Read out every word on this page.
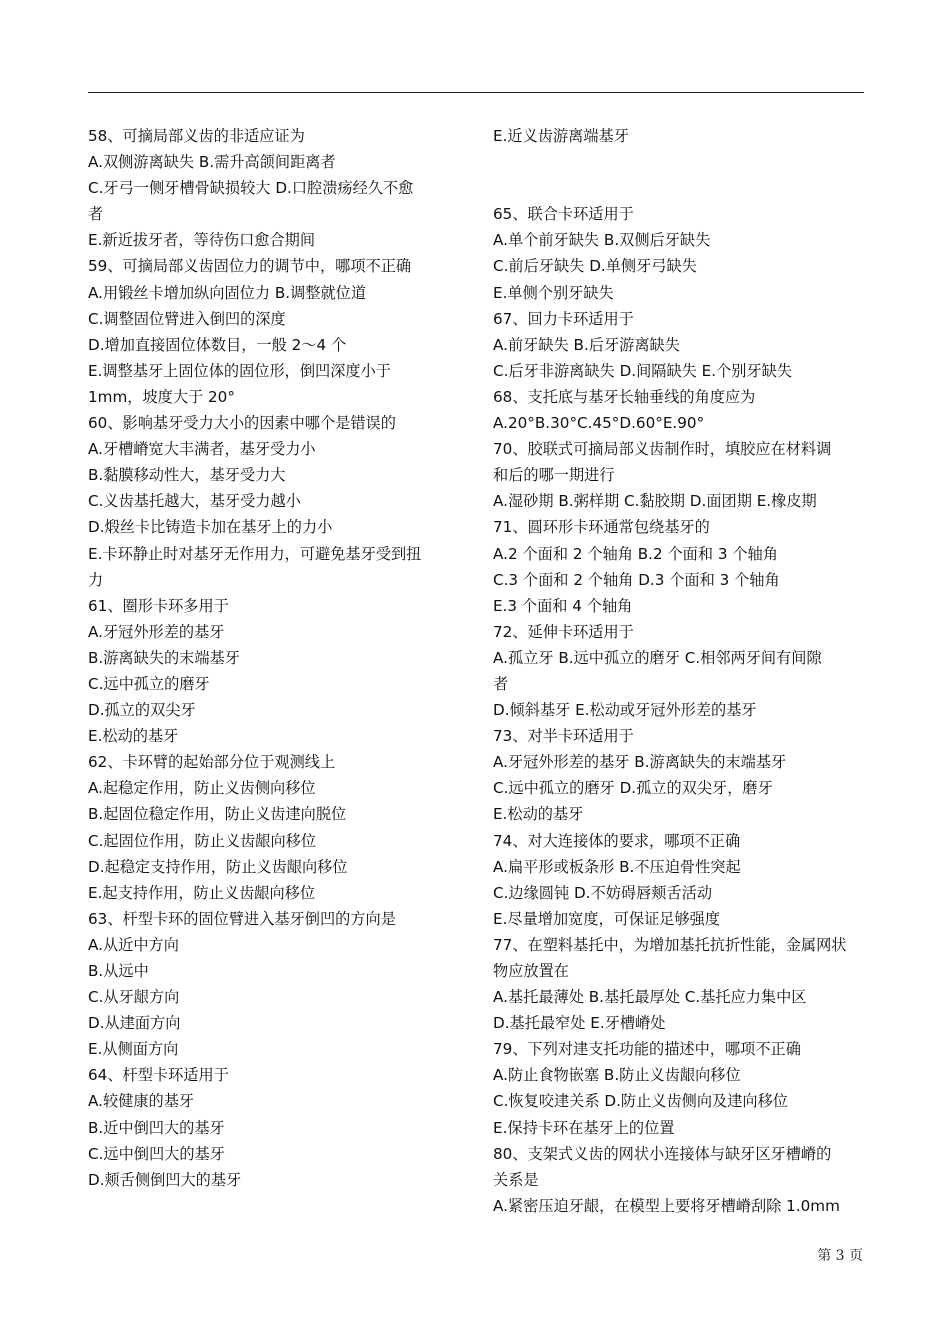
58、可摘局部义齿的非适应证为
A.双侧游离缺失 B.需升高颌间距离者
C.牙弓一侧牙槽骨缺损较大 D.口腔溃疡经久不愈
者
E.新近拔牙者，等待伤口愈合期间
59、可摘局部义齿固位力的调节中，哪项不正确
A.用锻丝卡增加纵向固位力 B.调整就位道
C.调整固位臂进入倒凹的深度
D.增加直接固位体数目，一般 2～4 个
E.调整基牙上固位体的固位形，倒凹深度小于
1mm，坡度大于 20°
60、影响基牙受力大小的因素中哪个是错误的
A.牙槽嵴宽大丰满者，基牙受力小
B.黏膜移动性大，基牙受力大
C.义齿基托越大，基牙受力越小
D.煅丝卡比铸造卡加在基牙上的力小
E.卡环静止时对基牙无作用力，可避免基牙受到扭
力
61、圈形卡环多用于
A.牙冠外形差的基牙
B.游离缺失的末端基牙
C.远中孤立的磨牙
D.孤立的双尖牙
E.松动的基牙
62、卡环臂的起始部分位于观测线上
A.起稳定作用，防止义齿侧向移位
B.起固位稳定作用，防止义齿䢖向脱位
C.起固位作用，防止义齿龈向移位
D.起稳定支持作用，防止义齿龈向移位
E.起支持作用，防止义齿龈向移位
63、杆型卡环的固位臂进入基牙倒凹的方向是
A.从近中方向
B.从远中
C.从牙龈方向
D.从䢖面方向
E.从侧面方向
64、杆型卡环适用于
A.较健康的基牙
B.近中倒凹大的基牙
C.远中倒凹大的基牙
D.颊舌侧倒凹大的基牙
E.近义齿游离端基牙
65、联合卡环适用于
A.单个前牙缺失 B.双侧后牙缺失
C.前后牙缺失 D.单侧牙弓缺失
E.单侧个别牙缺失
67、回力卡环适用于
A.前牙缺失 B.后牙游离缺失
C.后牙非游离缺失 D.间隔缺失 E.个别牙缺失
68、支托底与基牙长轴垂线的角度应为
A.20°B.30°C.45°D.60°E.90°
70、胶联式可摘局部义齿制作时，填胶应在材料调
和后的哪一期进行
A.湿砂期 B.粥样期 C.黏胶期 D.面团期 E.橡皮期
71、圆环形卡环通常包绕基牙的
A.2 个面和 2 个轴角 B.2 个面和 3 个轴角
C.3 个面和 2 个轴角 D.3 个面和 3 个轴角
E.3 个面和 4 个轴角
72、延伸卡环适用于
A.孤立牙 B.远中孤立的磨牙 C.相邻两牙间有间隙
者
D.倾斜基牙 E.松动或牙冠外形差的基牙
73、对半卡环适用于
A.牙冠外形差的基牙 B.游离缺失的末端基牙
C.远中孤立的磨牙 D.孤立的双尖牙，磨牙
E.松动的基牙
74、对大连接体的要求，哪项不正确
A.扁平形或板条形 B.不压迫骨性突起
C.边缘圆钝 D.不妨碍唇颊舌活动
E.尽量增加宽度，可保证足够强度
77、在塑料基托中，为增加基托抗折性能，金属网状
物应放置在
A.基托最薄处 B.基托最厚处 C.基托应力集中区
D.基托最窄处 E.牙槽嵴处
79、下列对䢖支托功能的描述中，哪项不正确
A.防止食物嵌塞 B.防止义齿龈向移位
C.恢复咬䢖关系 D.防止义齿侧向及䢖向移位
E.保持卡环在基牙上的位置
80、支架式义齿的网状小连接体与缺牙区牙槽嵴的
关系是
A.紧密压迫牙龈，在模型上要将牙槽嵴刮除 1.0mm
第 3 页
